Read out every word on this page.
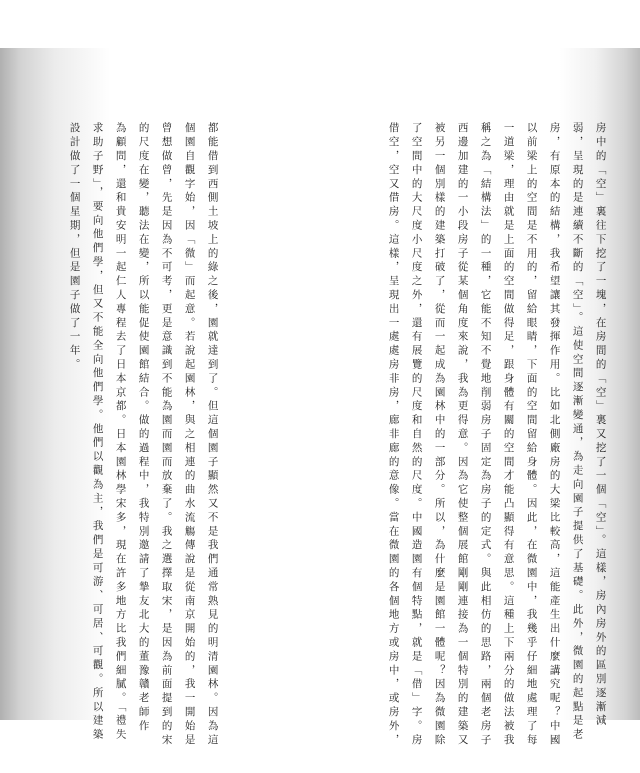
房中的「空」裏往下挖了一塊，在房間的「空」裏又挖了一個「空」。這樣，房內房外的區別逐漸減
弱，呈現的是連續不斷的「空」。這使空間逐漸變通，為走向園子提供了基礎。此外，微園的起點是老
房，有原本的結構，我希望讓其發揮作用。比如北側廠房的大梁比較高，這能產生出什麼講究呢？中國
以前梁上的空間是不用的，留給眼睛，下面的空間留給身體。因此，在微園中，我幾乎仔細地處理了每
一道梁，理由就是上面的空間做得足，跟身體有關的空間才能凸顯得有意思。這種上下兩分的做法被我
稱之為「結構法」的一種，它能不知不覺地削弱房子固定為房子的定式。與此相仿的思路，兩個老房子
西邊加建的一小段房子從某個角度來說，我為更得意。因為它使整個展館剛剛連接為一個特別的建築又
被另一個別樣的建築打破了，從而一起成為園林中的一部分。所以，為什麼是園館一體呢？因為微園除
了空間中的大尺度小尺度之外，還有展覽的尺度和自然的尺度。中國造園有個特點，就是「借」字。房
借空，空又借房。這樣，呈現出一處處房非房，廊非廊的意像。當在微園的各個地方或房中，或房外，
都能借到西側土坡上的綠之後，園就達到了。但這個園子顯然又不是我們通常熟見的明清園林。因為這
個園自觀字始，因「微」而起意。若說起園林，與之相連的曲水流觴傳說是從南京開始的，我一開始是
曾想做曾，先是因為不可考，更是意識到不能為園而園而放棄了。我之選擇取宋，是因為前面提到的宋
的尺度在變，聽法在變，所以能促使園館結合。做的過程中，我特別邀請了摯友北大的董豫贛老師作
為顧問，還和貴安明一起仁人專程去了日本京都。日本園林學宋多，現在許多地方比我們細膩。「禮失
求助子野」，要向他們學，但又不能全向他們學。他們以觀為主，我們是可游、可居、可觀。所以建築
設計做了一個星期，但是園子做了一年。
